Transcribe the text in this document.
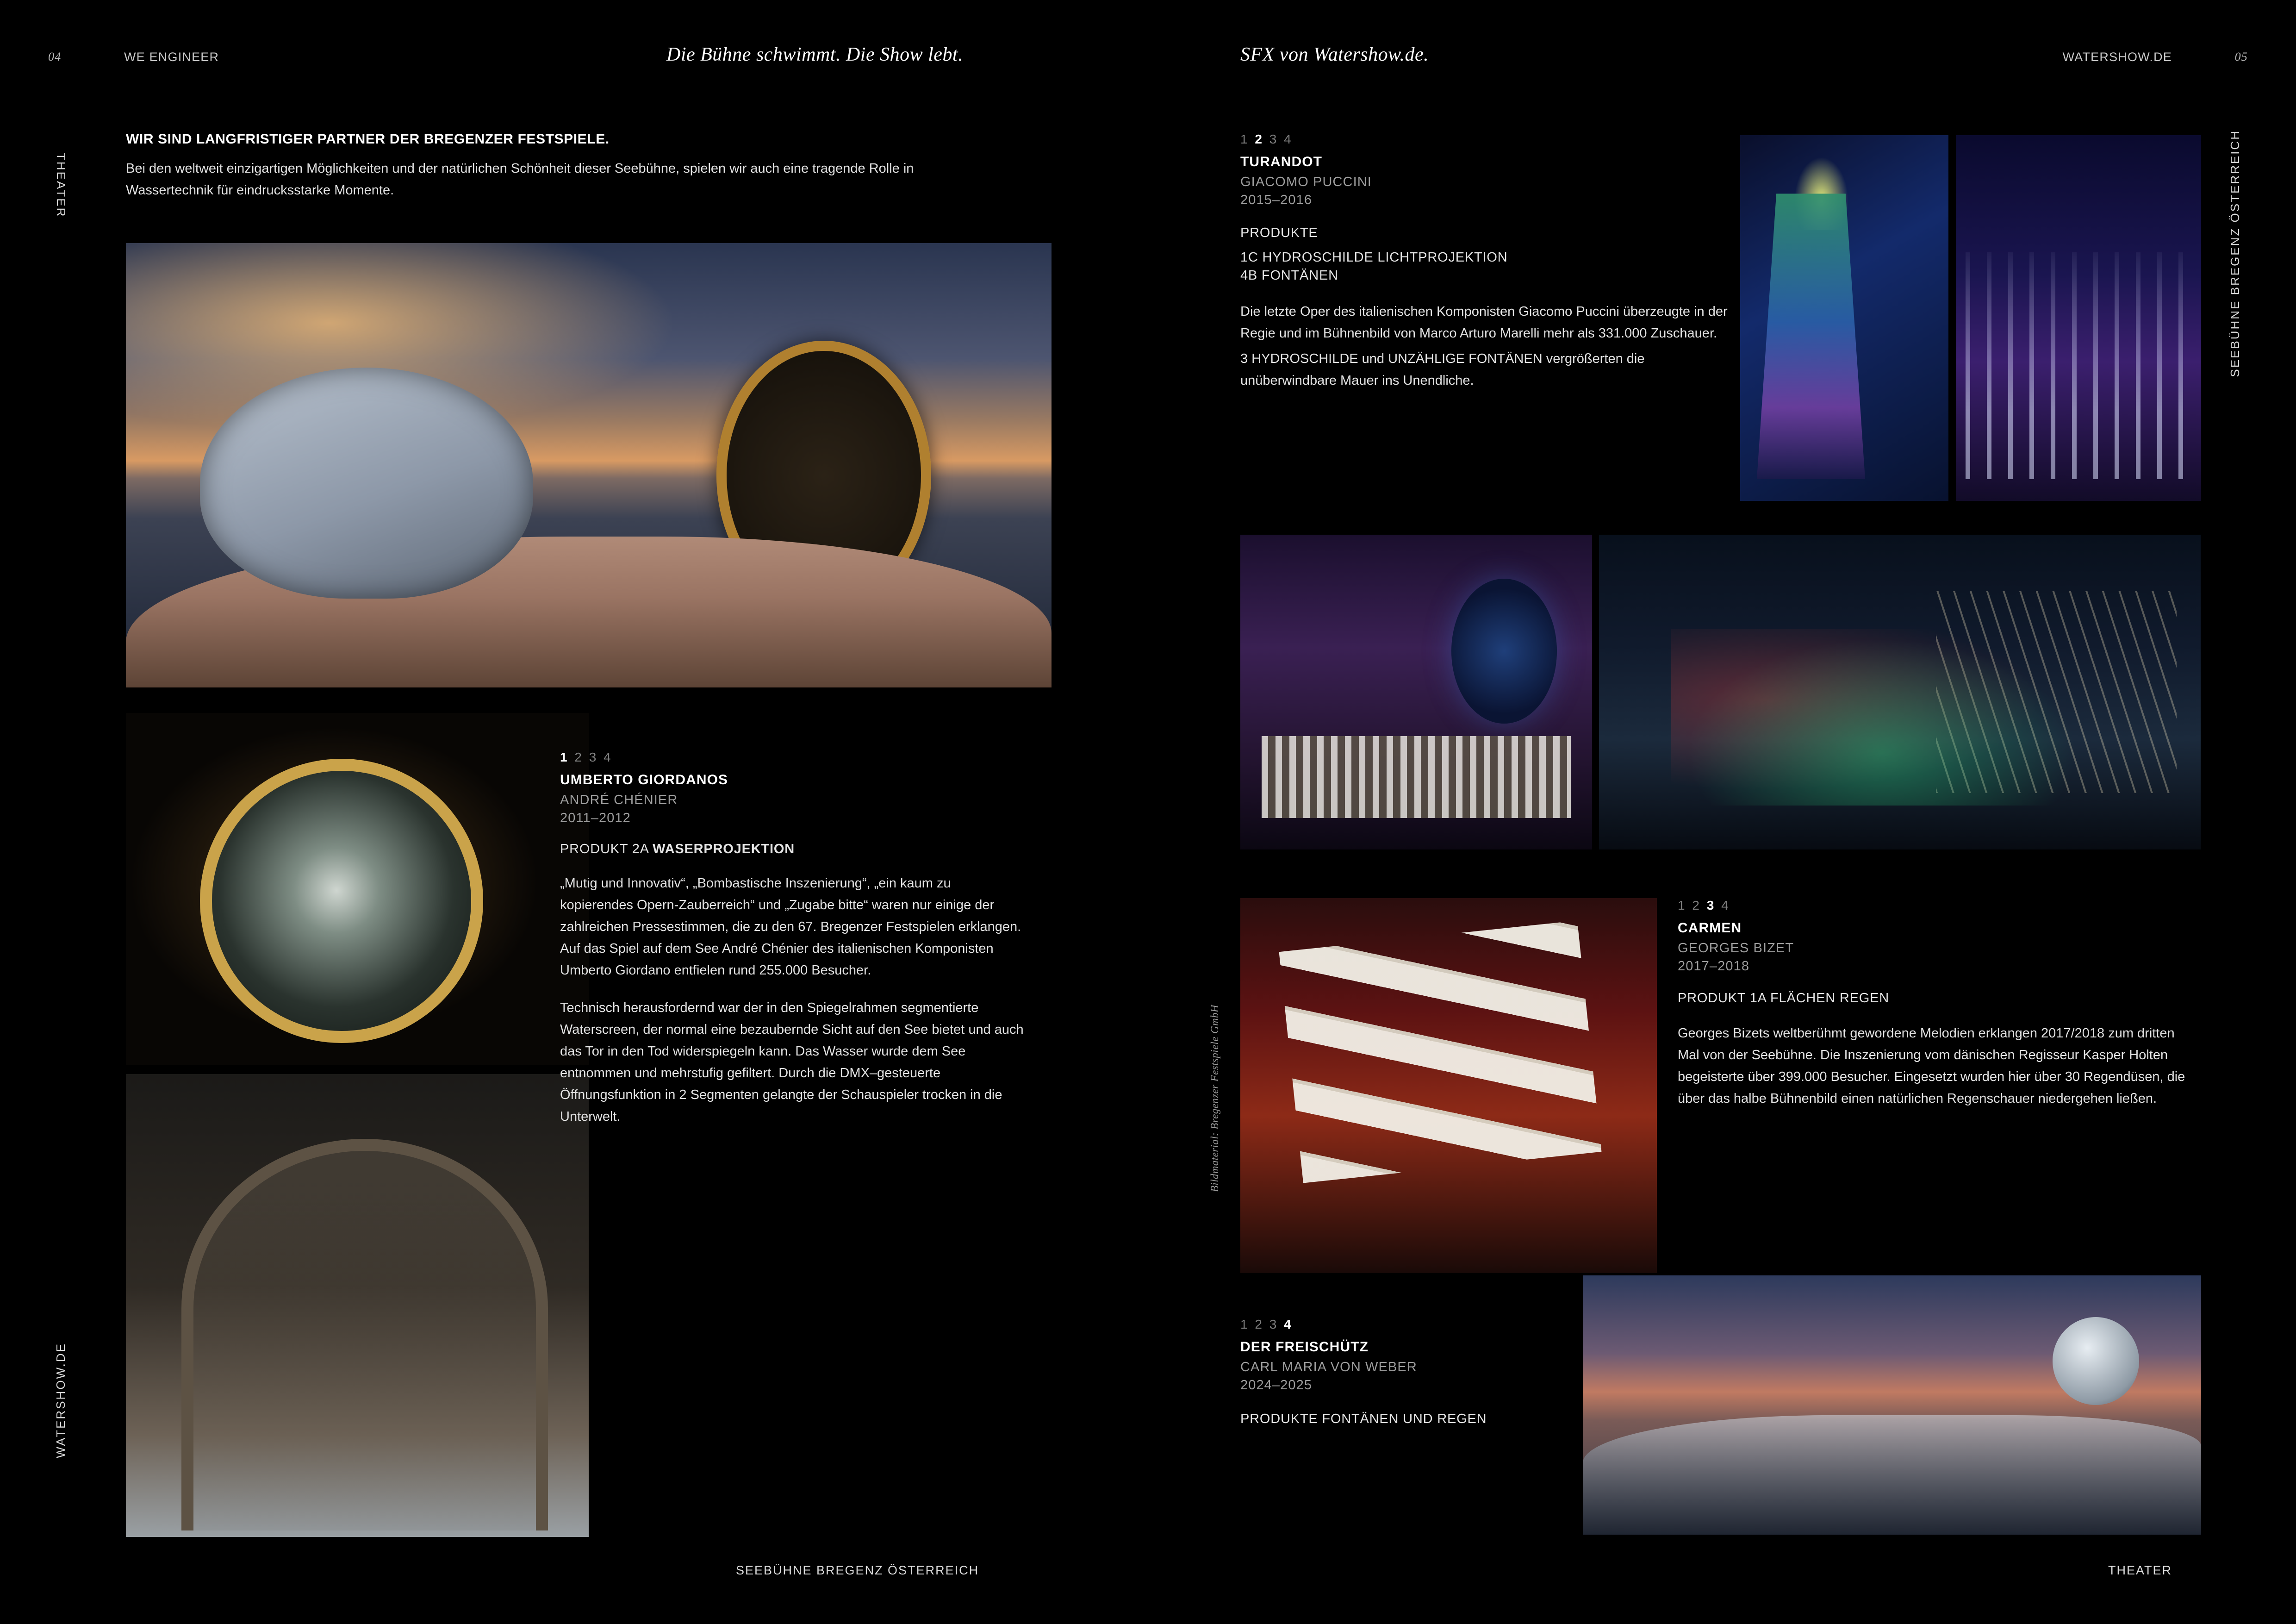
04	WE ENGINEER	Die Bühne schwimmt. Die Show lebt.	SFX von Watershow.de.	WATERSHOW.DE	05
THEATER
WATERSHOW.DE
SEEBÜHNE BREGENZ ÖSTERREICH
WIR SIND LANGFRISTIGER PARTNER DER BREGENZER FESTSPIELE.
Bei den weltweit einzigartigen Möglichkeiten und der natürlichen Schönheit dieser Seebühne, spielen wir auch eine tragende Rolle in Wassertechnik für eindrucksstarke Momente.
1 2 3 4
UMBERTO GIORDANOS
ANDRÉ CHÉNIER
2011–2012
PRODUKT 2A WASERPROJEKTION
„Mutig und Innovativ“, „Bombastische Inszenierung“, „ein kaum zu kopierendes Opern-Zauberreich“ und „Zugabe bitte“ waren nur einige der zahlreichen Pressestimmen, die zu den 67. Bregenzer Festspielen erklangen. Auf das Spiel auf dem See André Chénier des italienischen Komponisten Umberto Giordano entfielen rund 255.000 Besucher.
Technisch herausfordernd war der in den Spiegelrahmen segmentierte Waterscreen, der normal eine bezaubernde Sicht auf den See bietet und auch das Tor in den Tod widerspiegeln kann. Das Wasser wurde dem See entnommen und mehrstufig gefiltert. Durch die DMX–gesteuerte Öffnungsfunktion in 2 Segmenten gelangte der Schauspieler trocken in die Unterwelt.
SEEBÜHNE BREGENZ ÖSTERREICH
1 2 3 4
TURANDOT
GIACOMO PUCCINI
2015–2016
PRODUKTE
1C HYDROSCHILDE LICHTPROJEKTION
4B FONTÄNEN
Die letzte Oper des italienischen Komponisten Giacomo Puccini überzeugte in der Regie und im Bühnenbild von Marco Arturo Marelli mehr als 331.000 Zuschauer.
3 HYDROSCHILDE und UNZÄHLIGE FONTÄNEN vergrößerten die unüberwindbare Mauer ins Unendliche.
Bildmaterial: Bregenzer Festspiele GmbH
1 2 3 4
CARMEN
GEORGES BIZET
2017–2018
PRODUKT 1A FLÄCHEN REGEN
Georges Bizets weltberühmt gewordene Melodien erklangen 2017/2018 zum dritten Mal von der Seebühne. Die Inszenierung vom dänischen Regisseur Kasper Holten begeisterte über 399.000 Besucher. Eingesetzt wurden hier über 30 Regendüsen, die über das halbe Bühnenbild einen natürlichen Regenschauer niedergehen ließen.
1 2 3 4
DER FREISCHÜTZ
CARL MARIA VON WEBER
2024–2025
PRODUKTE FONTÄNEN UND REGEN
THEATER
